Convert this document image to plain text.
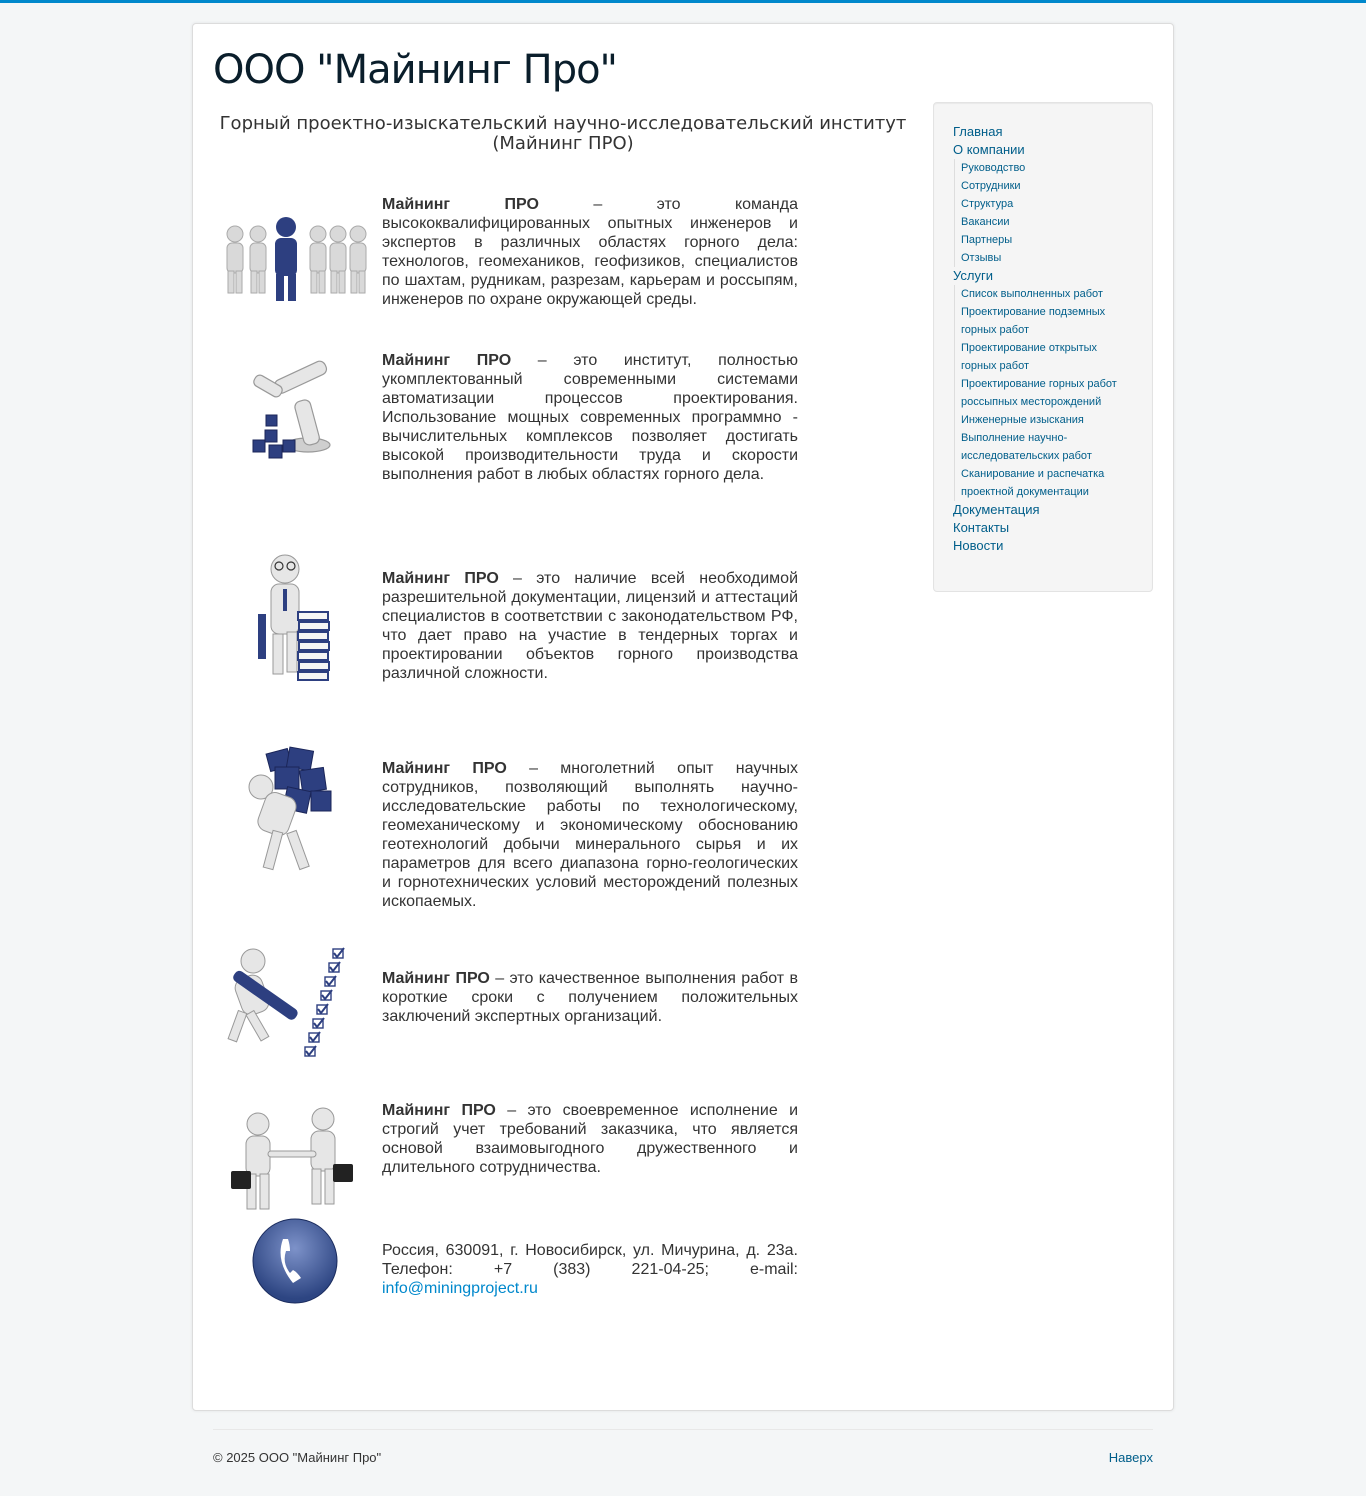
ООО "Майнинг Про"
Горный проектно-изыскательский научно-исследовательский институт (Майнинг ПРО)

Майнинг ПРО – это команда высококвалифицированных опытных инженеров и экспертов в различных областях горного дела: технологов, геомехаников, геофизиков, специалистов по шахтам, рудникам, разрезам, карьерам и россыпям, инженеров по охране окружающей среды.

Майнинг ПРО – это институт, полностью укомплектованный современными системами автоматизации процессов проектирования. Использование мощных современных программно - вычислительных комплексов позволяет достигать высокой производительности труда и скорости выполнения работ в любых областях горного дела.

Майнинг ПРО – это наличие всей необходимой разрешительной документации, лицензий и аттестаций специалистов в соответствии с законодательством РФ, что дает право на участие в тендерных торгах и проектировании объектов горного производства различной сложности.

Майнинг ПРО – многолетний опыт научных сотрудников, позволяющий выполнять научно-исследовательские работы по технологическому, геомеханическому и экономическому обоснованию геотехнологий добычи минерального сырья и их параметров для всего диапазона горно-геологических и горнотехнических условий месторождений полезных ископаемых.

Майнинг ПРО – это качественное выполнения работ в короткие сроки с получением положительных заключений экспертных организаций.

Майнинг ПРО – это своевременное исполнение и строгий учет требований заказчика, что является основой взаимовыгодного дружественного и длительного сотрудничества.

Россия, 630091, г. Новосибирск, ул. Мичурина, д. 23а. Телефон: +7 (383) 221-04-25; e-mail: info@miningproject.ru

Главная
О компании
Руководство
Сотрудники
Структура
Вакансии
Партнеры
Отзывы
Услуги
Список выполненных работ
Проектирование подземных горных работ
Проектирование открытых горных работ
Проектирование горных работ россыпных месторождений
Инженерные изыскания
Выполнение научно-исследовательских работ
Сканирование и распечатка проектной документации
Документация
Контакты
Новости
© 2025 ООО "Майнинг Про"	Наверх
